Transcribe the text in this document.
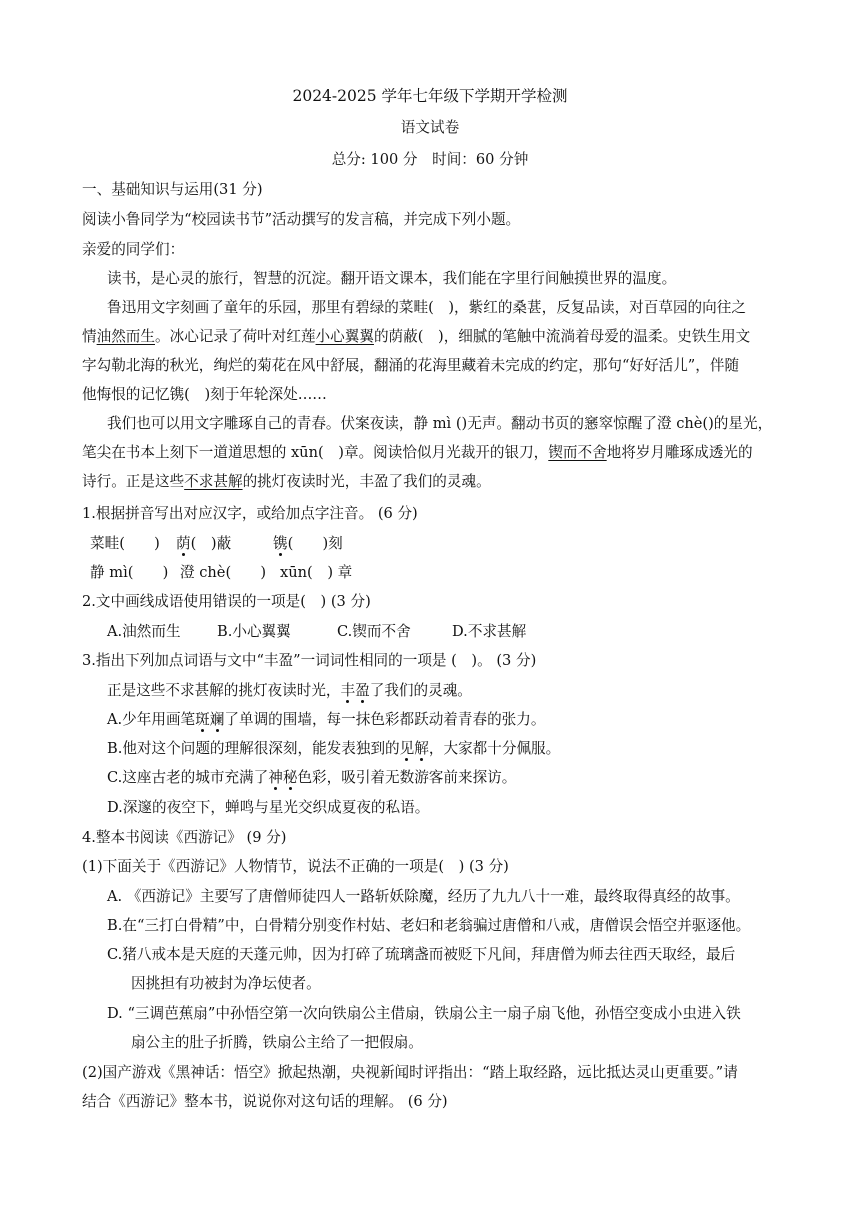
2024-2025 学年七年级下学期开学检测
语文试卷
总分: 100 分　时间：60 分钟
一、基础知识与运用(31 分)
阅读小鲁同学为“校园读书节”活动撰写的发言稿，并完成下列小题。
亲爱的同学们：
读书，是心灵的旅行，智慧的沉淀。翻开语文课本，我们能在字里行间触摸世界的温度。
鲁迅用文字刻画了童年的乐园，那里有碧绿的菜畦(　)，紫红的桑葚，反复品读，对百草园的向往之
情油然而生。冰心记录了荷叶对红莲小心翼翼的荫蔽(　)，细腻的笔触中流淌着母爱的温柔。史铁生用文
字勾勒北海的秋光，绚烂的菊花在风中舒展，翻涌的花海里藏着未完成的约定，那句“好好活儿”，伴随
他悔恨的记忆镌(　)刻于年轮深处……
我们也可以用文字雕琢自己的青春。伏案夜读，静 mì ()无声。翻动书页的窸窣惊醒了澄 chè()的星光，
笔尖在书本上刻下一道道思想的 xūn(　)章。阅读恰似月光裁开的银刀，锲而不舍地将岁月雕琢成透光的
诗行。正是这些不求甚解的挑灯夜读时光，丰盈了我们的灵魂。
1.根据拼音写出对应汉字，或给加点字注音。 (6 分)
菜畦(　　) 荫(　)蔽	镌(　　)刻
静 mì(　　) 澄 chè(　　) xūn(　) 章
2.文中画线成语使用错误的一项是(　) (3 分)
A.油然而生 B.小心翼翼	C.锲而不舍	D.不求甚解
3.指出下列加点词语与文中“丰盈”一词词性相同的一项是 (　)。 (3 分)
正是这些不求甚解的挑灯夜读时光，丰盈了我们的灵魂。
A.少年用画笔斑斓了单调的围墙，每一抹色彩都跃动着青春的张力。
B.他对这个问题的理解很深刻，能发表独到的见解，大家都十分佩服。
C.这座古老的城市充满了神秘色彩，吸引着无数游客前来探访。
D.深邃的夜空下，蝉鸣与星光交织成夏夜的私语。
4.整本书阅读《西游记》 (9 分)
(1)下面关于《西游记》人物情节，说法不正确的一项是(　) (3 分)
A. 《西游记》主要写了唐僧师徒四人一路斩妖除魔，经历了九九八十一难，最终取得真经的故事。
B.在“三打白骨精”中，白骨精分别变作村姑、老妇和老翁骗过唐僧和八戒，唐僧误会悟空并驱逐他。
C.猪八戒本是天庭的天蓬元帅，因为打碎了琉璃盏而被贬下凡间，拜唐僧为师去往西天取经，最后
因挑担有功被封为净坛使者。
D. “三调芭蕉扇”中孙悟空第一次向铁扇公主借扇，铁扇公主一扇子扇飞他，孙悟空变成小虫进入铁
扇公主的肚子折腾，铁扇公主给了一把假扇。
(2)国产游戏《黑神话：悟空》掀起热潮，央视新闻时评指出：“踏上取经路，远比抵达灵山更重要。”请
结合《西游记》整本书，说说你对这句话的理解。 (6 分)
